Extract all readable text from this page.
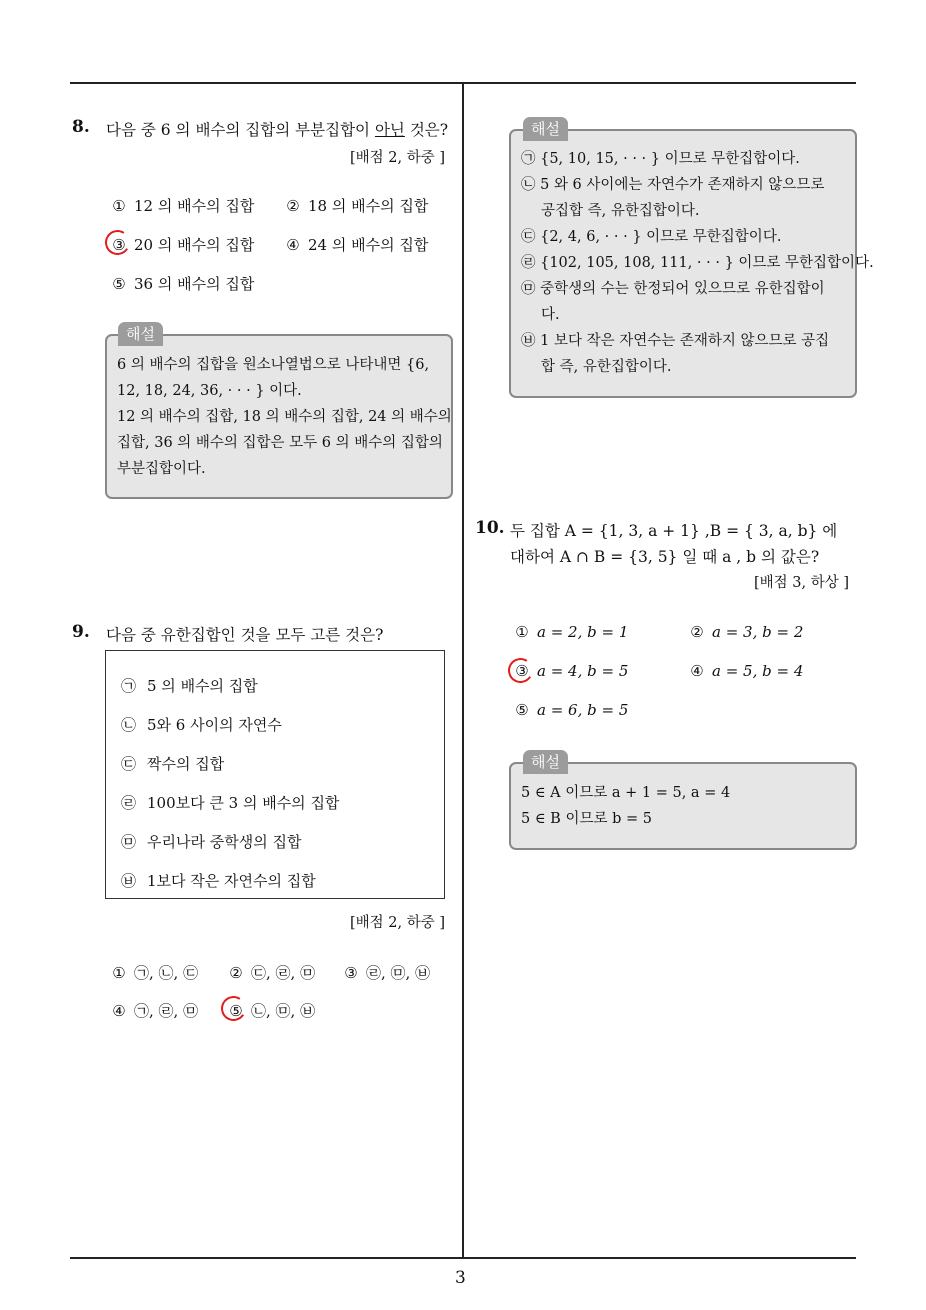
3
8. 다음 중 6 의 배수의 집합의 부분집합이 아닌 것은?
[배점 2, 하중 ]
① 12 의 배수의 집합 ② 18 의 배수의 집합
③ 20 의 배수의 집합 ④ 24 의 배수의 집합
⑤ 36 의 배수의 집합
해설
6 의 배수의 집합을 원소나열법으로 나타내면 {6,
12, 18, 24, 36, · · · } 이다.
12 의 배수의 집합, 18 의 배수의 집합, 24 의 배수의
집합, 36 의 배수의 집합은 모두 6 의 배수의 집합의
부분집합이다.
9. 다음 중 유한집합인 것을 모두 고른 것은?
㉠ 5 의 배수의 집합
㉡ 5와 6 사이의 자연수
㉢ 짝수의 집합
㉣ 100보다 큰 3 의 배수의 집합
㉤ 우리나라 중학생의 집합
㉥ 1보다 작은 자연수의 집합
[배점 2, 하중 ]
① ㉠, ㉡, ㉢ ② ㉢, ㉣, ㉤ ③ ㉣, ㉤, ㉥
④ ㉠, ㉣, ㉤ ⑤ ㉡, ㉤, ㉥
해설
㉠ {5, 10, 15, · · · } 이므로 무한집합이다.
㉡ 5 와 6 사이에는 자연수가 존재하지 않으므로
공집합 즉, 유한집합이다.
㉢ {2, 4, 6, · · · } 이므로 무한집합이다.
㉣ {102, 105, 108, 111, · · · } 이므로 무한집합이다.
㉤ 중학생의 수는 한정되어 있으므로 유한집합이
다.
㉥ 1 보다 작은 자연수는 존재하지 않으므로 공집
합 즉, 유한집합이다.
10. 두 집합 A = {1, 3, a + 1} ,B = { 3, a, b} 에
대하여 A ∩ B = {3, 5} 일 때 a , b 의 값은?
[배점 3, 하상 ]
① a = 2, b = 1	② a = 3, b = 2
③ a = 4, b = 5	④ a = 5, b = 4
⑤ a = 6, b = 5
해설
5 ∈ A 이므로 a + 1 = 5, a = 4
5 ∈ B 이므로 b = 5
